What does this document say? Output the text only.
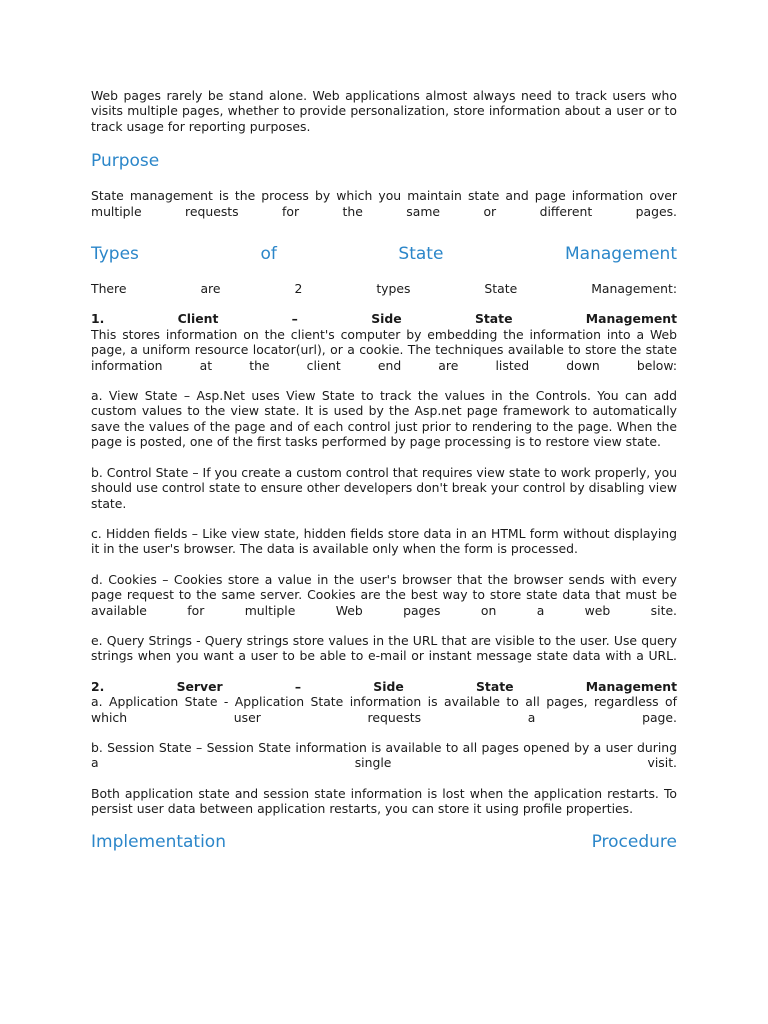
Web pages rarely be stand alone. Web applications almost always need to track users who visits multiple pages, whether to provide personalization, store information about a user or to track usage for reporting purposes.

Purpose

State management is the process by which you maintain state and page information over multiple requests for the same or different pages.

Types of State Management

There are 2 types State Management:

1. Client – Side State Management

This stores information on the client's computer by embedding the information into a Web page, a uniform resource locator(url), or a cookie. The techniques available to store the state information at the client end are listed down below:

a. View State – Asp.Net uses View State to track the values in the Controls. You can add custom values to the view state. It is used by the Asp.net page framework to automatically save the values of the page and of each control just prior to rendering to the page. When the page is posted, one of the first tasks performed by page processing is to restore view state.

b. Control State – If you create a custom control that requires view state to work properly, you should use control state to ensure other developers don't break your control by disabling view state.

c. Hidden fields – Like view state, hidden fields store data in an HTML form without displaying it in the user's browser. The data is available only when the form is processed.

d. Cookies – Cookies store a value in the user's browser that the browser sends with every page request to the same server. Cookies are the best way to store state data that must be available for multiple Web pages on a web site.

e. Query Strings - Query strings store values in the URL that are visible to the user. Use query strings when you want a user to be able to e-mail or instant message state data with a URL.

2. Server – Side State Management

a. Application State - Application State information is available to all pages, regardless of which user requests a page.

b. Session State – Session State information is available to all pages opened by a user during a single visit.

Both application state and session state information is lost when the application restarts. To persist user data between application restarts, you can store it using profile properties.

Implementation Procedure
